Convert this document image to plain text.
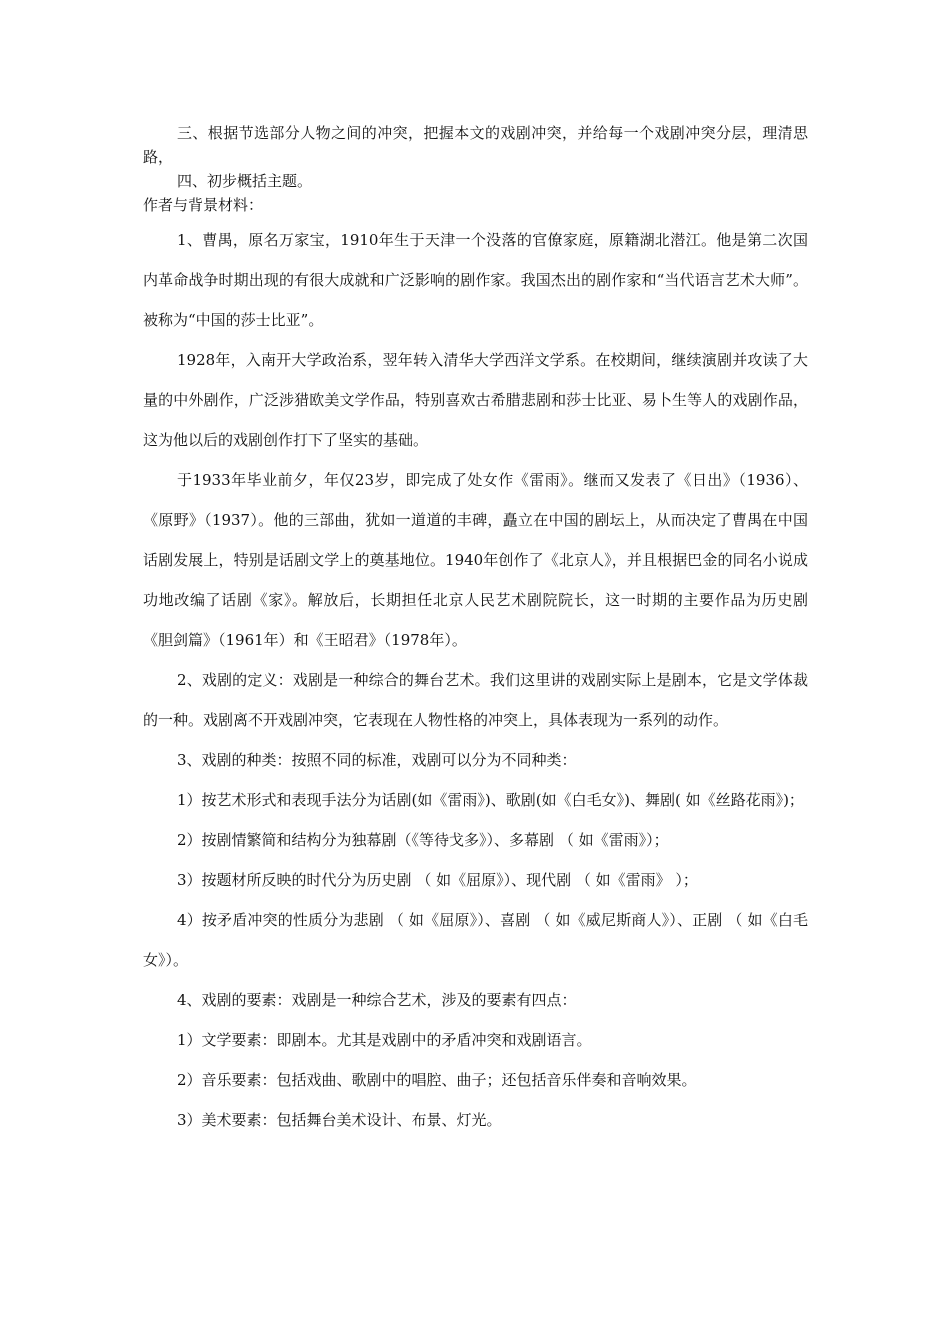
三、根据节选部分人物之间的冲突，把握本文的戏剧冲突，并给每一个戏剧冲突分层，理清思路，

四、初步概括主题。

作者与背景材料：

1、曹禺，原名万家宝，1910年生于天津一个没落的官僚家庭，原籍湖北潜江。他是第二次国内革命战争时期出现的有很大成就和广泛影响的剧作家。我国杰出的剧作家和“当代语言艺术大师”。被称为“中国的莎士比亚”。

1928年，入南开大学政治系，翌年转入清华大学西洋文学系。在校期间，继续演剧并攻读了大量的中外剧作，广泛涉猎欧美文学作品，特别喜欢古希腊悲剧和莎士比亚、易卜生等人的戏剧作品，这为他以后的戏剧创作打下了坚实的基础。

于1933年毕业前夕，年仅23岁，即完成了处女作《雷雨》。继而又发表了《日出》（1936）、《原野》（1937）。他的三部曲，犹如一道道的丰碑，矗立在中国的剧坛上，从而决定了曹禺在中国话剧发展上，特别是话剧文学上的奠基地位。1940年创作了《北京人》，并且根据巴金的同名小说成功地改编了话剧《家》。解放后，长期担任北京人民艺术剧院院长，这一时期的主要作品为历史剧《胆剑篇》（1961年）和《王昭君》（1978年）。

2、戏剧的定义：戏剧是一种综合的舞台艺术。我们这里讲的戏剧实际上是剧本，它是文学体裁的一种。戏剧离不开戏剧冲突，它表现在人物性格的冲突上，具体表现为一系列的动作。

3、戏剧的种类：按照不同的标准，戏剧可以分为不同种类：

1）按艺术形式和表现手法分为话剧(如《雷雨》)、歌剧(如《白毛女》)、舞剧( 如《丝路花雨》)；

2）按剧情繁简和结构分为独幕剧（《等待戈多》）、多幕剧 （ 如《雷雨》）；

3）按题材所反映的时代分为历史剧 （ 如《屈原》）、现代剧 （ 如《雷雨》 ）；

4）按矛盾冲突的性质分为悲剧 （ 如《屈原》）、喜剧 （ 如《威尼斯商人》）、正剧 （ 如《白毛女》）。

4、戏剧的要素：戏剧是一种综合艺术，涉及的要素有四点：

1）文学要素：即剧本。尤其是戏剧中的矛盾冲突和戏剧语言。

2）音乐要素：包括戏曲、歌剧中的唱腔、曲子；还包括音乐伴奏和音响效果。

3）美术要素：包括舞台美术设计、布景、灯光。
